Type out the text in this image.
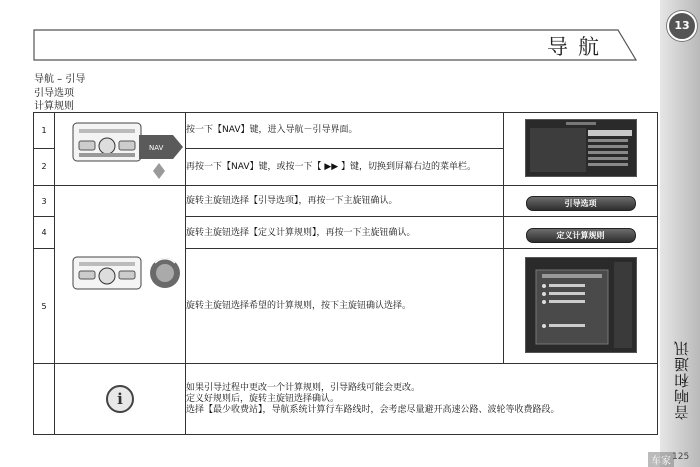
导航
13
音响和通讯
导航 – 引导
引导选项
计算规则
1	NAV	按一下【NAV】键，进入导航－引导界面。	
2		再按一下【NAV】键，或按一下【 ▶▶ 】键，切换到屏幕右边的菜单栏。	
3		旋转主旋钮选择【引导选项】，再按一下主旋钮确认。	引导选项
4		旋转主旋钮选择【定义计算规则】，再按一下主旋钮确认。	定义计算规则
5		旋转主旋钮选择希望的计算规则，按下主旋钮确认选择。	
	i	如果引导过程中更改一个计算规则，引导路线可能会更改。
定义好规则后，旋转主旋钮选择确认。
选择【最少收费站】，导航系统计算行车路线时，会考虑尽量避开高速公路、波轮等收费路段。	
车家 125
